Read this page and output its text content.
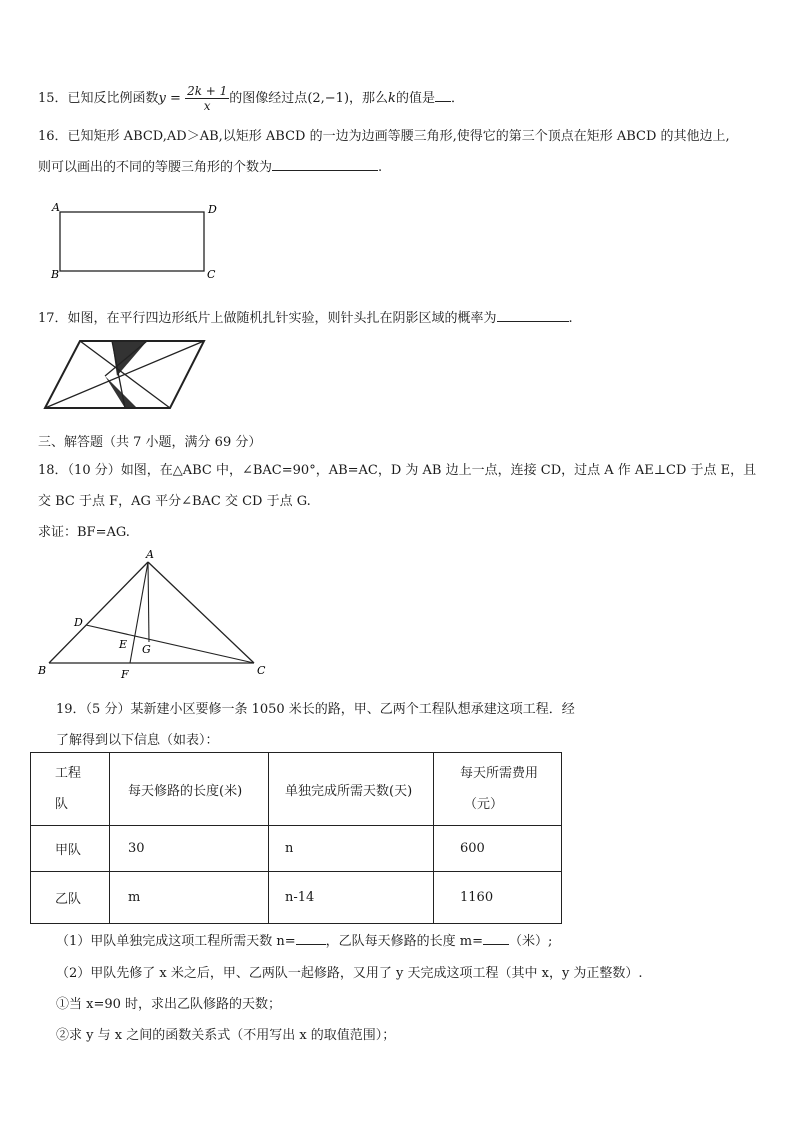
15．已知反比例函数$y = \frac{2k + 1}{x}$ 的图像经过点(2,−1)，那么k的值是 ．
16．已知矩形 ABCD,AD＞AB,以矩形 ABCD 的一边为边画等腰三角形,使得它的第三个顶点在矩形 ABCD 的其他边上,
则可以画出的不同的等腰三角形的个数为	.
A	D
B	C
17．如图，在平行四边形纸片上做随机扎针实验，则针头扎在阴影区域的概率为	.
三、解答题（共 7 小题，满分 69 分）
18．（10 分）如图，在△ABC 中，∠BAC=90°，AB=AC，D 为 AB 边上一点，连接 CD，过点 A 作 AE⊥CD 于点 E，且
交 BC 于点 F，AG 平分∠BAC 交 CD 于点 G.
求证：BF=AG.
A
B	C
D
E
F
G
19．（5 分）某新建小区要修一条 1050 米长的路，甲、乙两个工程队想承建这项工程．经
了解得到以下信息（如表）：
工程
队	每天修路的长度(米)	单独完成所需天数(天)	每天所需费用
（元）
甲队	30	n	600
乙队	m	n-14	1160
（1）甲队单独完成这项工程所需天数 n= ，乙队每天修路的长度 m= （米）;
（2）甲队先修了 x 米之后，甲、乙两队一起修路，又用了 y 天完成这项工程（其中 x，y 为正整数）.
①当 x=90 时，求出乙队修路的天数；
②求 y 与 x 之间的函数关系式（不用写出 x 的取值范围）；
